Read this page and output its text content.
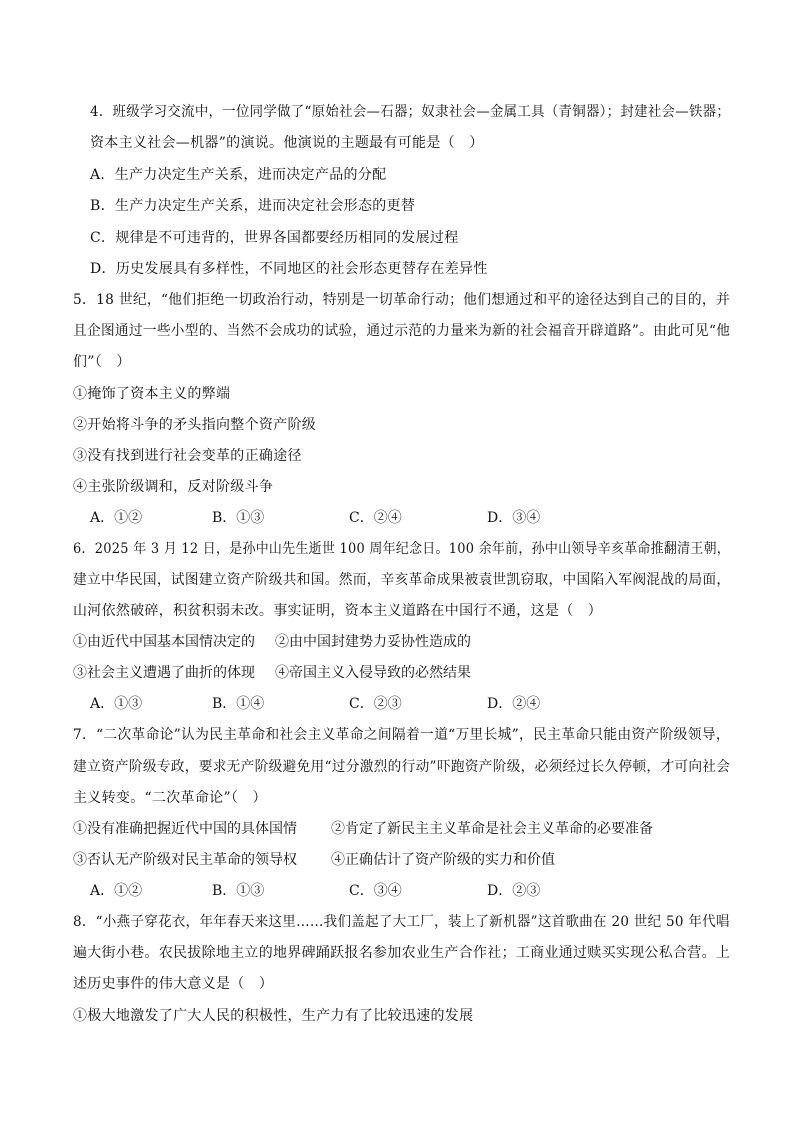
4．班级学习交流中，一位同学做了“原始社会—石器；奴隶社会—金属工具（青铜器）；封建社会—铁器；
资本主义社会—机器”的演说。他演说的主题最有可能是（　）
A．生产力决定生产关系，进而决定产品的分配
B．生产力决定生产关系，进而决定社会形态的更替
C．规律是不可违背的，世界各国都要经历相同的发展过程
D．历史发展具有多样性，不同地区的社会形态更替存在差异性
5．18 世纪，“他们拒绝一切政治行动，特别是一切革命行动；他们想通过和平的途径达到自己的目的，并
且企图通过一些小型的、当然不会成功的试验，通过示范的力量来为新的社会福音开辟道路”。由此可见“他
们”（　）
①掩饰了资本主义的弊端
②开始将斗争的矛头指向整个资产阶级
③没有找到进行社会变革的正确途径
④主张阶级调和，反对阶级斗争
A．①②	B．①③	C．②④	D．③④
6．2025 年 3 月 12 日，是孙中山先生逝世 100 周年纪念日。100 余年前，孙中山领导辛亥革命推翻清王朝，
建立中华民国，试图建立资产阶级共和国。然而，辛亥革命成果被袁世凯窃取，中国陷入军阀混战的局面，
山河依然破碎，积贫积弱未改。事实证明，资本主义道路在中国行不通，这是（　）
①由近代中国基本国情决定的 ②由中国封建势力妥协性造成的
③社会主义遭遇了曲折的体现 ④帝国主义入侵导致的必然结果
A．①③	B．①④	C．②③	D．②④
7．“二次革命论”认为民主革命和社会主义革命之间隔着一道“万里长城”，民主革命只能由资产阶级领导，
建立资产阶级专政，要求无产阶级避免用“过分激烈的行动”吓跑资产阶级，必须经过长久停顿，才可向社会
主义转变。“二次革命论”（　）
①没有准确把握近代中国的具体国情 ②肯定了新民主主义革命是社会主义革命的必要准备
③否认无产阶级对民主革命的领导权 ④正确估计了资产阶级的实力和价值
A．①②	B．①③	C．③④	D．②③
8．“小燕子穿花衣，年年春天来这里……我们盖起了大工厂，装上了新机器”这首歌曲在 20 世纪 50 年代唱
遍大街小巷。农民拔除地主立的地界碑踊跃报名参加农业生产合作社；工商业通过赎买实现公私合营。上
述历史事件的伟大意义是（　）
①极大地激发了广大人民的积极性，生产力有了比较迅速的发展
